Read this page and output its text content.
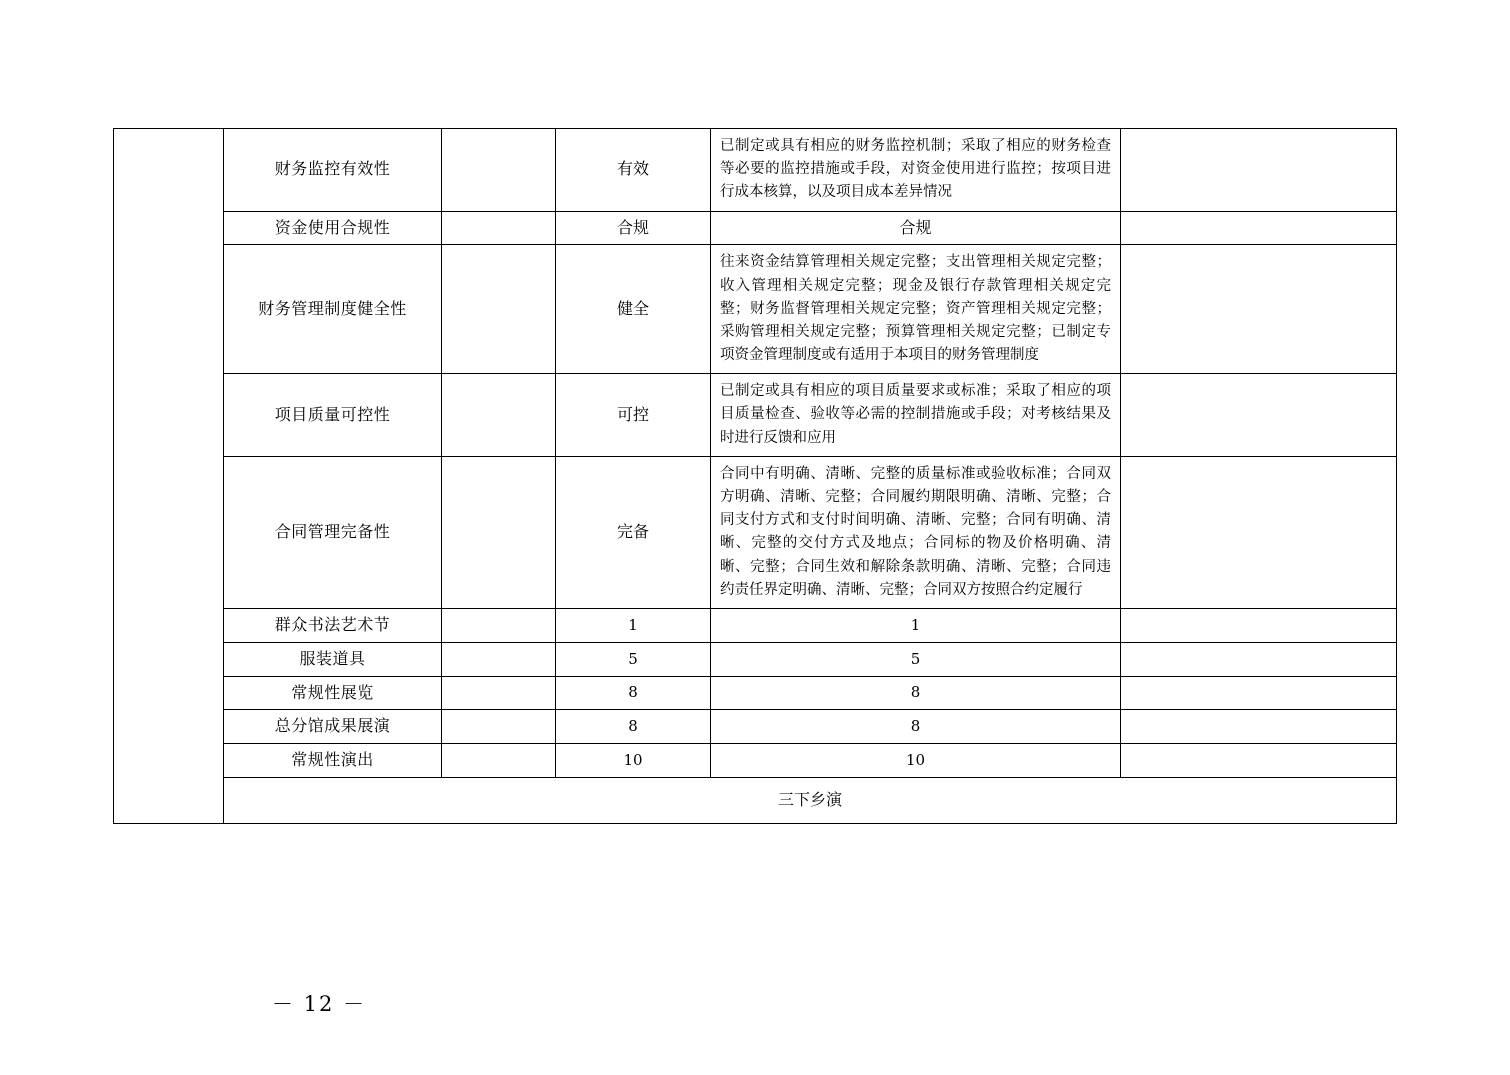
	财务监控有效性		有效	已制定或具有相应的财务监控机制；采取了相应的财务检查等必要的监控措施或手段，对资金使用进行监控；按项目进行成本核算，以及项目成本差异情况	
	资金使用合规性		合规	合规	
	财务管理制度健全性		健全	往来资金结算管理相关规定完整；支出管理相关规定完整；收入管理相关规定完整；现金及银行存款管理相关规定完整；财务监督管理相关规定完整；资产管理相关规定完整；采购管理相关规定完整；预算管理相关规定完整；已制定专项资金管理制度或有适用于本项目的财务管理制度	
	项目质量可控性		可控	已制定或具有相应的项目质量要求或标准；采取了相应的项目质量检查、验收等必需的控制措施或手段；对考核结果及时进行反馈和应用	
	合同管理完备性		完备	合同中有明确、清晰、完整的质量标准或验收标准；合同双方明确、清晰、完整；合同履约期限明确、清晰、完整；合同支付方式和支付时间明确、清晰、完整；合同有明确、清晰、完整的交付方式及地点；合同标的物及价格明确、清晰、完整；合同生效和解除条款明确、清晰、完整；合同违约责任界定明确、清晰、完整；合同双方按照合约定履行	
	群众书法艺术节		1	1	
	服装道具		5	5	
	常规性展览		8	8	
	总分馆成果展演		8	8	
	常规性演出		10	10	
	三下乡演				
－ 12 －
